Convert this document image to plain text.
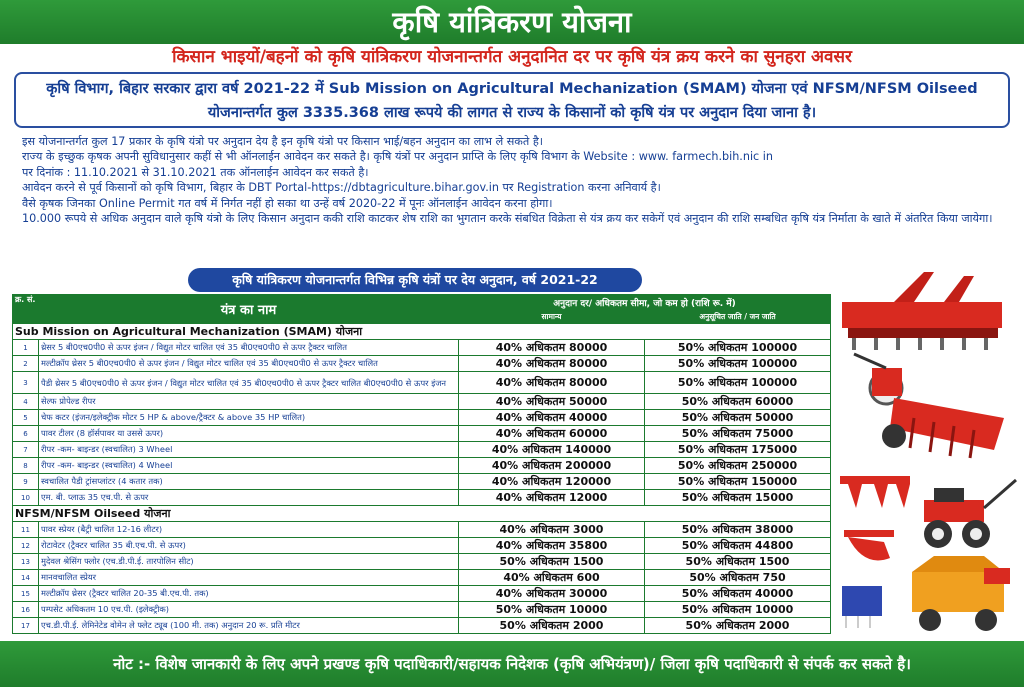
कृषि यांत्रिकरण योजना
किसान भाइयों/बहनों को कृषि यांत्रिकरण योजनान्तर्गत अनुदानित दर पर कृषि यंत्र क्रय करने का सुनहरा अवसर
कृषि विभाग, बिहार सरकार द्वारा वर्ष 2021-22 में Sub Mission on Agricultural Mechanization (SMAM) योजना एवं NFSM/NFSM Oilseed
योजनान्तर्गत कुल 3335.368 लाख रूपये की लागत से राज्य के किसानों को कृषि यंत्र पर अनुदान दिया जाना है।
इस योजनान्तर्गत कुल 17 प्रकार के कृषि यंत्रो पर अनुदान देय है इन कृषि यंत्रो पर किसान भाई/बहन अनुदान का लाभ ले सकते है।
राज्य के इच्छुक कृषक अपनी सुविधानुसार कहीं से भी ऑनलाईन आवेदन कर सकते है। कृषि यंत्रों पर अनुदान प्राप्ति के लिए कृषि विभाग के Website : www. farmech.bih.nic in
पर दिनांक : 11.10.2021 से 31.10.2021 तक ऑनलाईन आवेदन कर सकते है।
आवेदन करने से पूर्व किसानों को कृषि विभाग, बिहार के DBT Portal-https://dbtagriculture.bihar.gov.in पर Registration करना अनिवार्य है।
वैसे कृषक जिनका Online Permit गत वर्ष में निर्गत नहीं हो सका था उन्हें वर्ष 2020-22 में पूनः ऑनलाईन आवेदन करना होगा।
10.000 रूपये से अधिक अनुदान वाले कृषि यंत्रो के लिए किसान अनुदान ककी राशि काटकर शेष राशि का भुगतान करके संबधित विक्रेता से यंत्र क्रय कर सकेगें एवं अनुदान की राशि सम्बधित कृषि यंत्र निर्माता के खाते में अंतरित किया जायेगा।
कृषि यांत्रिकरण योजनान्तर्गत विभिन्न कृषि यंत्रों पर देय अनुदान, वर्ष 2021-22
क्र. सं.	यंत्र का नाम	अनुदान दर/ अधिकतम सीमा, जो कम हो (राशि रू. में)	
		सामान्य	अनुसूचित जाति / जन जाति
Sub Mission on Agricultural Mechanization (SMAM) योजना			
1	थ्रेसर 5 बी0एच0पी0 से ऊपर इंजन / विद्युत मोटर चालित एवं 35 बी0एच0पी0 से ऊपर ट्रैक्टर चालित	40% अधिकतम 80000	50% अधिकतम 100000
2	मल्टीक्रॉप थ्रेसर 5 बी0एच0पी0 से ऊपर इंजन / विद्युत मोटर चालित एवं 35 बी0एच0पी0 से ऊपर ट्रैक्टर चालित	40% अधिकतम 80000	50% अधिकतम 100000
3	पैडी थ्रेसर 5 बी0एच0पी0 से ऊपर इंजन / विद्युत मोटर चालित एवं 35 बी0एच0पी0 से ऊपर ट्रैक्टर चालित बी0एच0पी0 से ऊपर इंजन	40% अधिकतम 80000	50% अधिकतम 100000
4	सेल्फ प्रोपेल्ड रीपर	40% अधिकतम 50000	50% अधिकतम 60000
5	चेफ कटर (इंजन/इलेक्ट्रीक मोटर 5 HP & above/ट्रैक्टर & above 35 HP चालित)	40% अधिकतम 40000	50% अधिकतम 50000
6	पावर टीलर (8 हॉर्सपावर या उससे ऊपर)	40% अधिकतम 60000	50% अधिकतम 75000
7	रीपर -कम- बाइन्डर (स्वचालित) 3 Wheel	40% अधिकतम 140000	50% अधिकतम 175000
8	रीपर -कम- बाइन्डर (स्वचालित) 4 Wheel	40% अधिकतम 200000	50% अधिकतम 250000
9	स्वचालित पैडी ट्रांसप्लांटर (4 कतार तक)	40% अधिकतम 120000	50% अधिकतम 150000
10	एम. बी. प्लाऊ 35 एच.पी. से ऊपर	40% अधिकतम 12000	50% अधिकतम 15000
NFSM/NFSM Oilseed योजना			
11	पावर स्प्रेयर (बैट्री चालित 12-16 लीटर)	40% अधिकतम 3000	50% अधिकतम 38000
12	रोटावेटर (ट्रैक्टर चालित 35 बी.एच.पी. से ऊपर)	40% अधिकतम 35800	50% अधिकतम 44800
13	मुदेवल श्रेसिंग फ्लोर (एच.डी.पी.ई. तारपोलिन सीट)	50% अधिकतम 1500	50% अधिकतम 1500
14	मानवचालित स्प्रेयर	40% अधिकतम 600	50% अधिकतम 750
15	मल्टीक्रॉप थ्रेसर (ट्रैक्टर चालित 20-35 बी.एच.पी. तक)	40% अधिकतम 30000	50% अधिकतम 40000
16	पम्पसेट अधिकतम 10 एच.पी. (इलेक्ट्रीक)	50% अधिकतम 10000	50% अधिकतम 10000
17	एच.डी.पी.ई. लेमिनेटेड वोमेन ले फ्लेट ट्यूब (100 मी. तक) अनुदान 20 रू. प्रति मीटर	50% अधिकतम 2000	50% अधिकतम 2000
नोट :- विशेष जानकारी के लिए अपने प्रखण्ड कृषि पदाधिकारी/सहायक निदेशक (कृषि अभियंत्रण)/ जिला कृषि पदाधिकारी से संपर्क कर सकते है।
